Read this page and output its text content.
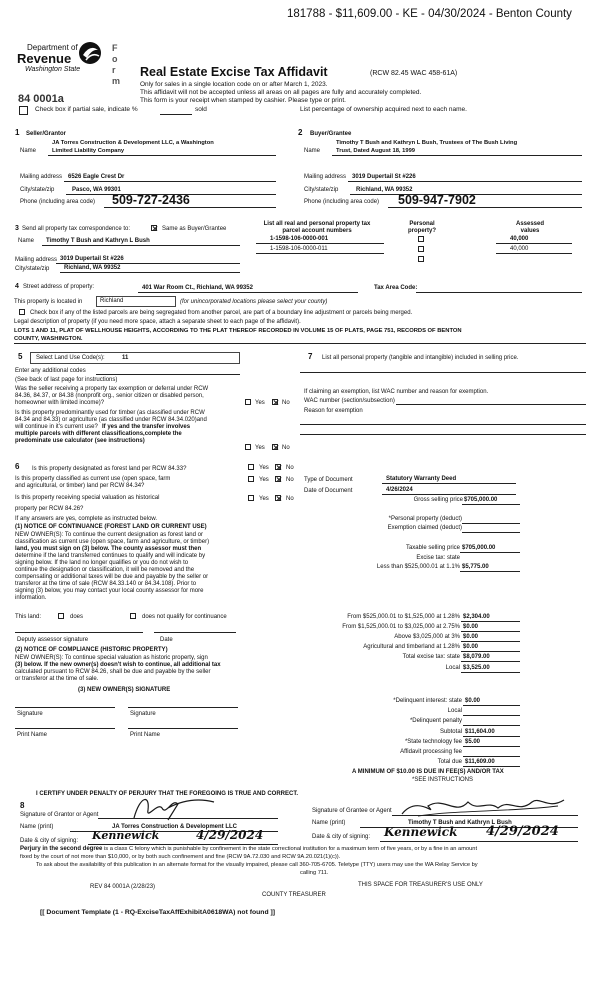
181788 - $11,609.00 - KE - 04/30/2024 - Benton County
Department of
Revenue
Washington State
F
o
r
m
84 0001a
Real Estate Excise Tax Affidavit	(RCW 82.45 WAC 458-61A)
Only for sales in a single location code on or after March 1, 2023.
This affidavit will not be accepted unless all areas on all pages are fully and accurately completed.
This form is your receipt when stamped by cashier. Please type or print.
Check box if partial sale, indicate %	sold	List percentage of ownership acquired next to each name.
1 Seller/Grantor
Name
JA Torres Construction & Development LLC, a Washington
Limited Liability Company
Mailing address 6526 Eagle Crest Dr
City/state/zip	Pasco, WA 99301
Phone (including area code) 509-727-2436
2 Buyer/Grantee
Name
Timothy T Bush and Kathryn L Bush, Trustees of The Bush Living
Trust, Dated August 18, 1999
Mailing address 3019 Dupertail St #226
City/state/zip	Richland, WA 99352
Phone (including area code) 509-947-7902
3 Send all property tax correspondence to:	Same as Buyer/Grantee
Name Timothy T Bush and Kathryn L Bush
Mailing address 3019 Dupertail St #226
City/state/zip Richland, WA 99352
List all real and personal property tax
parcel account numbers
Personal
property?
Assessed
values
1-1598-106-0000-001	40,000
1-1598-106-0000-011	40,000
4 Street address of property:	401 War Room Ct., Richland, WA 99352	Tax Area Code:
This property is located in	Richland	(for unincorporated locations please select your county)
Check box if any of the listed parcels are being segregated from another parcel, are part of a boundary line adjustment or parcels being merged.
Legal description of property (if you need more space, attach a separate sheet to each page of the affidavit).
LOTS 1 AND 11, PLAT OF WELLHOUSE HEIGHTS, ACCORDING TO THE PLAT THEREOF RECORDED IN VOLUME 15 OF PLATS, PAGE 751, RECORDS OF BENTON
COUNTY, WASHINGTON.
5 Select Land Use Code(s):	11
Enter any additional codes
(See back of last page for instructions)
Was the seller receiving a property tax exemption or deferral under RCW
84.36, 84.37, or 84.38 (nonprofit org., senior citizen or disabled person,
homeowner with limited income)?	Yes	No
Is this property predominantly used for timber (as classified under RCW
84.34 and 84.33) or agriculture (as classified under RCW 84.34.020)and
will continue in it's current use? If yes and the transfer involves
multiple parcels with different classifications,complete the
predominate use calculator (see instructions)
Yes	No
7 List all personal property (tangible and intangible) included in selling price.
If claiming an exemption, list WAC number and reason for exemption.
WAC number (section/subsection)
Reason for exemption
6 Is this property designated as forest land per RCW 84.33?	Yes	No
Is this property classified as current use (open space, farm
and agricultural, or timber) land per RCW 84.34?
Yes	No
Is this property receiving special valuation as historical
property per RCW 84.26?
Yes	No
If any answers are yes, complete as instructed below.
(1) NOTICE OF CONTINUANCE (FOREST LAND OR CURRENT USE)
NEW OWNER(S): To continue the current designation as forest land or
classification as current use (open space, farm and agriculture, or timber)
land, you must sign on (3) below. The county assessor must then
determine if the land transferred continues to qualify and will indicate by
signing below. If the land no longer qualifies or you do not wish to
continue the designation or classification, it will be removed and the
compensating or additional taxes will be due and payable by the seller or
transferor at the time of sale (RCW 84.33.140 or 84.34.108). Prior to
signing (3) below, you may contact your local county assessor for more
information.
This land:	does	does not qualify for continuance
Deputy assessor signature	Date
(2) NOTICE OF COMPLIANCE (HISTORIC PROPERTY)
NEW OWNER(S): To continue special valuation as historic property, sign
(3) below. If the new owner(s) doesn't wish to continue, all additional tax
calculated pursuant to RCW 84.26, shall be due and payable by the seller
or transferor at the time of sale.
(3) NEW OWNER(S) SIGNATURE
Signature	Signature
Print Name	Print Name
Type of Document	Statutory Warranty Deed
Date of Document	4/26/2024
Gross selling price $705,000.00
*Personal property (deduct)
Exemption claimed (deduct)
Taxable selling price $705,000.00
Excise tax: state
Less than $525,000.01 at 1.1% $5,775.00
From $525,000.01 to $1,525,000 at 1.28% $2,304.00
From $1,525,000.01 to $3,025,000 at 2.75% $0.00
Above $3,025,000 at 3% $0.00
Agricultural and timberland at 1.28% $0.00
Total excise tax: state $8,079.00
Local $3,525.00
*Delinquent interest: state $0.00
Local
*Delinquent penalty
Subtotal $11,604.00
*State technology fee $5.00
Affidavit processing fee
Total due $11,609.00
A MINIMUM OF $10.00 IS DUE IN FEE(S) AND/OR TAX
*SEE INSTRUCTIONS
I CERTIFY UNDER PENALTY OF PERJURY THAT THE FOREGOING IS TRUE AND CORRECT.
8
Signature of Grantor or Agent
Signature of Grantee or Agent
Name (print)	JA Torres Construction & Development LLC
Name (print)	Timothy T Bush and Kathryn L Bush
Date & city of signing: Kennewick	4/29/2024	Date & city of signing: Kennewick 4/29/2024
Perjury in the second degree is a class C felony which is punishable by confinement in the state correctional institution for a maximum term of five years, or by a fine in an amount
fixed by the court of not more than $10,000, or by both such confinement and fine (RCW 9A.72.030 and RCW 9A.20.021(1)(c)).
To ask about the availability of this publication in an alternate format for the visually impaired, please call 360-705-6705. Teletype (TTY) users may use the WA Relay Service by
calling 711.
REV 84 0001A (2/28/23)	THIS SPACE FOR TREASURER'S USE ONLY
COUNTY TREASURER
[[ Document Template (1 - RQ-ExciseTaxAffExhibitA0618WA) not found ]]
